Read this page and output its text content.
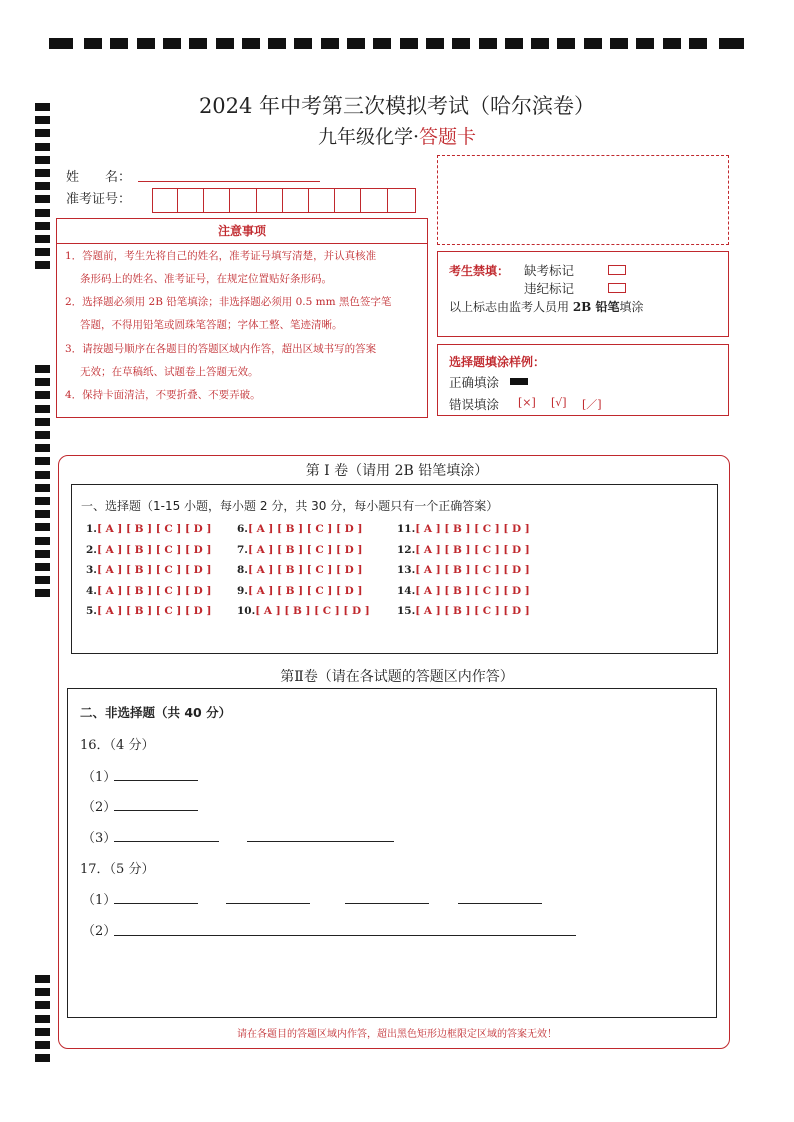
2024 年中考第三次模拟考试（哈尔滨卷）
九年级化学·答题卡
姓　　名：
准考证号：
注意事项
1．答题前，考生先将自己的姓名，准考证号填写清楚，并认真核准
条形码上的姓名、准考证号，在规定位置贴好条形码。
2．选择题必须用 2B 铅笔填涂；非选择题必须用 0.5 mm 黑色签字笔
答题，不得用铅笔或圆珠笔答题；字体工整、笔迹清晰。
3．请按题号顺序在各题目的答题区域内作答，超出区域书写的答案
无效；在草稿纸、试题卷上答题无效。
4．保持卡面清洁，不要折叠、不要弄破。
考生禁填： 缺考标记
违纪标记
以上标志由监考人员用 2B 铅笔填涂
选择题填涂样例：
正确填涂
错误填涂 [×] [√] [／]
第 I 卷（请用 2B 铅笔填涂）
一、选择题（1-15 小题，每小题 2 分，共 30 分，每小题只有一个正确答案）
1.[ A ] [ B ] [ C ] [ D ]
2.[ A ] [ B ] [ C ] [ D ]
3.[ A ] [ B ] [ C ] [ D ]
4.[ A ] [ B ] [ C ] [ D ]
5.[ A ] [ B ] [ C ] [ D ]
6.[ A ] [ B ] [ C ] [ D ]
7.[ A ] [ B ] [ C ] [ D ]
8.[ A ] [ B ] [ C ] [ D ]
9.[ A ] [ B ] [ C ] [ D ]
10.[ A ] [ B ] [ C ] [ D ]
11.[ A ] [ B ] [ C ] [ D ]
12.[ A ] [ B ] [ C ] [ D ]
13.[ A ] [ B ] [ C ] [ D ]
14.[ A ] [ B ] [ C ] [ D ]
15.[ A ] [ B ] [ C ] [ D ]
第Ⅱ卷（请在各试题的答题区内作答）
二、非选择题（共 40 分）
16．（4 分）
（1）
（2）
（3）
17．（5 分）
（1）
（2）
请在各题目的答题区域内作答，超出黑色矩形边框限定区域的答案无效！
